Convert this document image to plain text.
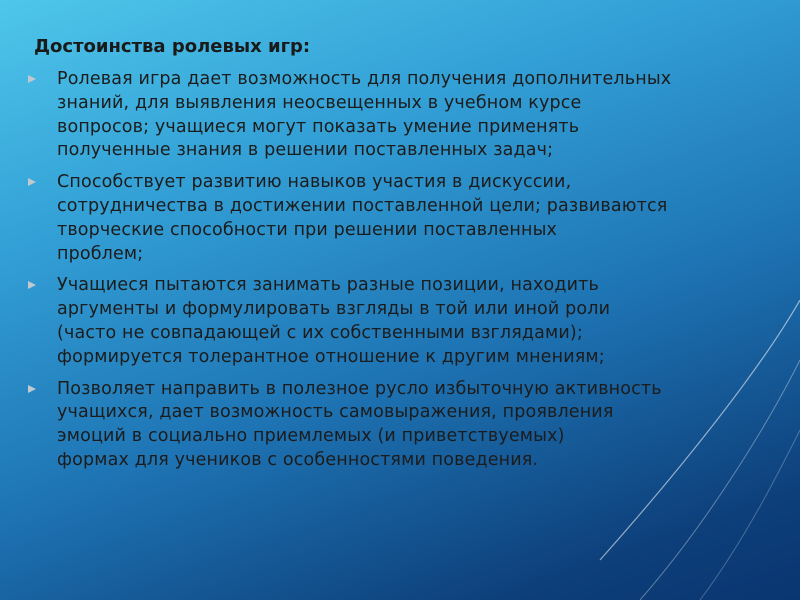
Достоинства ролевых игр:
Ролевая игра дает возможность для получения дополнительных
знаний, для выявления неосвещенных в учебном курсе
вопросов; учащиеся могут показать умение применять
полученные знания в решении поставленных задач;
Способствует развитию навыков участия в дискуссии,
сотрудничества в достижении поставленной цели; развиваются
творческие способности при решении поставленных
проблем;
Учащиеся пытаются занимать разные позиции, находить
аргументы и формулировать взгляды в той или иной роли
(часто не совпадающей с их собственными взглядами);
формируется толерантное отношение к другим мнениям;
Позволяет направить в полезное русло избыточную активность
учащихся, дает возможность самовыражения, проявления
эмоций в социально приемлемых (и приветствуемых)
формах для учеников с особенностями поведения.
